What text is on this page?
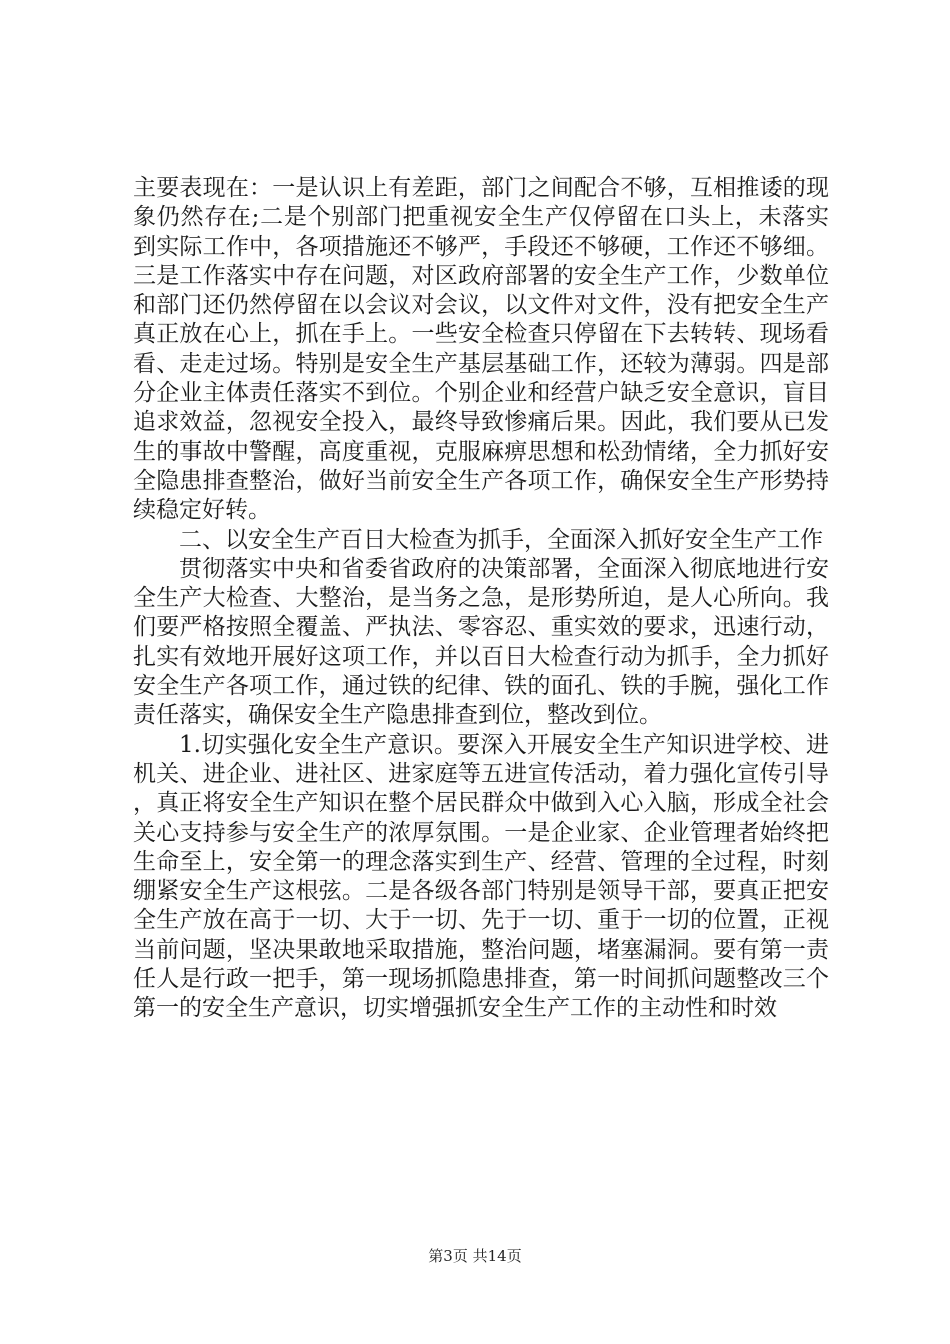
主要表现在：一是认识上有差距，部门之间配合不够，互相推诿的现象仍然存在;二是个别部门把重视安全生产仅停留在口头上，未落实到实际工作中，各项措施还不够严，手段还不够硬，工作还不够细。三是工作落实中存在问题，对区政府部署的安全生产工作，少数单位和部门还仍然停留在以会议对会议，以文件对文件，没有把安全生产真正放在心上，抓在手上。一些安全检查只停留在下去转转、现场看看、走走过场。特别是安全生产基层基础工作，还较为薄弱。四是部分企业主体责任落实不到位。个别企业和经营户缺乏安全意识，盲目追求效益，忽视安全投入，最终导致惨痛后果。因此，我们要从已发生的事故中警醒，高度重视，克服麻痹思想和松劲情绪，全力抓好安全隐患排查整治，做好当前安全生产各项工作，确保安全生产形势持续稳定好转。

二、以安全生产百日大检查为抓手，全面深入抓好安全生产工作

贯彻落实中央和省委省政府的决策部署，全面深入彻底地进行安全生产大检查、大整治，是当务之急，是形势所迫，是人心所向。我们要严格按照全覆盖、严执法、零容忍、重实效的要求，迅速行动，扎实有效地开展好这项工作，并以百日大检查行动为抓手，全力抓好安全生产各项工作，通过铁的纪律、铁的面孔、铁的手腕，强化工作责任落实，确保安全生产隐患排查到位，整改到位。

1.切实强化安全生产意识。要深入开展安全生产知识进学校、进机关、进企业、进社区、进家庭等五进宣传活动，着力强化宣传引导，真正将安全生产知识在整个居民群众中做到入心入脑，形成全社会关心支持参与安全生产的浓厚氛围。一是企业家、企业管理者始终把生命至上，安全第一的理念落实到生产、经营、管理的全过程，时刻绷紧安全生产这根弦。二是各级各部门特别是领导干部，要真正把安全生产放在高于一切、大于一切、先于一切、重于一切的位置，正视当前问题，坚决果敢地采取措施，整治问题，堵塞漏洞。要有第一责任人是行政一把手，第一现场抓隐患排查，第一时间抓问题整改三个第一的安全生产意识，切实增强抓安全生产工作的主动性和时效

第3页 共14页
